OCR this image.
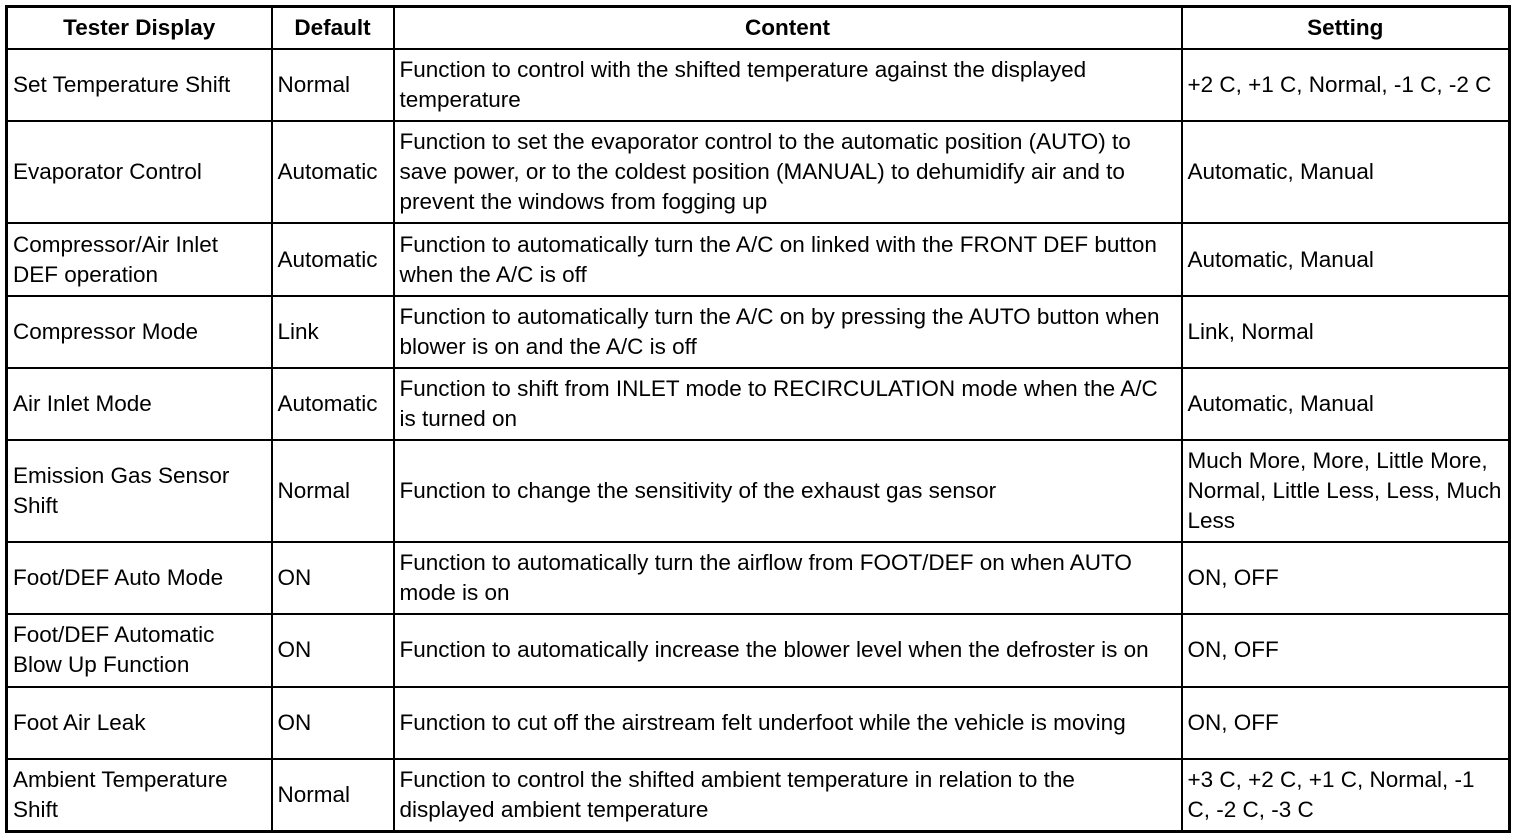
Tester Display	Default	Content	Setting
Set Temperature Shift	Normal	Function to control with the shifted temperature against the displayed temperature	+2 C, +1 C, Normal, -1 C, -2 C
Evaporator Control	Automatic	Function to set the evaporator control to the automatic position (AUTO) to save power, or to the coldest position (MANUAL) to dehumidify air and to prevent the windows from fogging up	Automatic, Manual
Compressor/Air Inlet DEF operation	Automatic	Function to automatically turn the A/C on linked with the FRONT DEF button when the A/C is off	Automatic, Manual
Compressor Mode	Link	Function to automatically turn the A/C on by pressing the AUTO button when blower is on and the A/C is off	Link, Normal
Air Inlet Mode	Automatic	Function to shift from INLET mode to RECIRCULATION mode when the A/C is turned on	Automatic, Manual
Emission Gas Sensor Shift	Normal	Function to change the sensitivity of the exhaust gas sensor	Much More, More, Little More, Normal, Little Less, Less, Much Less
Foot/DEF Auto Mode	ON	Function to automatically turn the airflow from FOOT/DEF on when AUTO mode is on	ON, OFF
Foot/DEF Automatic Blow Up Function	ON	Function to automatically increase the blower level when the defroster is on	ON, OFF
Foot Air Leak	ON	Function to cut off the airstream felt underfoot while the vehicle is moving	ON, OFF
Ambient Temperature Shift	Normal	Function to control the shifted ambient temperature in relation to the displayed ambient temperature	+3 C, +2 C, +1 C, Normal, -1 C, -2 C, -3 C
